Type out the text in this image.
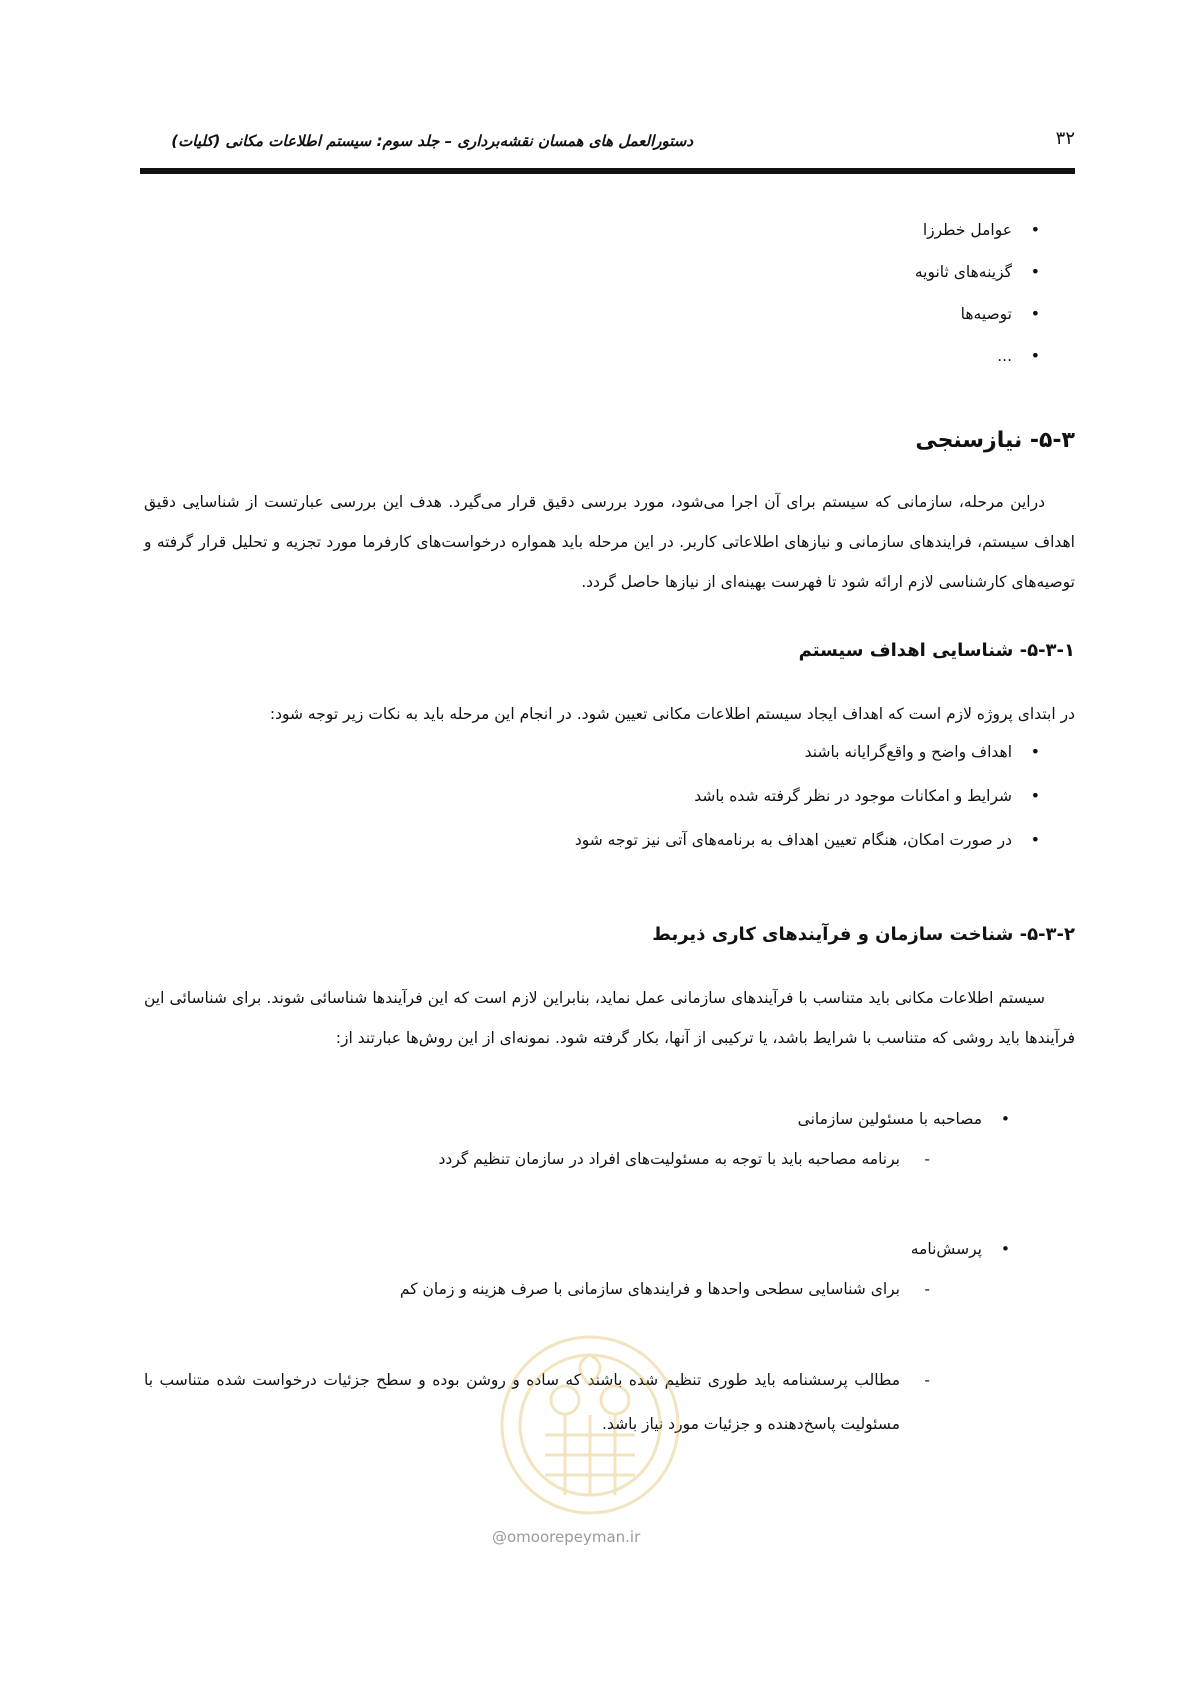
دستورالعمل های همسان نقشه‌برداری – جلد سوم: سیستم اطلاعات مکانی (کلیات)	۳۲
عوامل خطرزا •
گزینه‌های ثانویه •
توصیه‌ها •
... •
۵-۳- نیازسنجی

دراین مرحله، سازمانی که سیستم برای آن اجرا می‌شود، مورد بررسی دقیق قرار می‌گیرد. هدف این بررسی عبارتست از شناسایی دقیق اهداف سیستم، فرایندهای سازمانی و نیازهای اطلاعاتی کاربر. در این مرحله باید همواره درخواست‌های کارفرما مورد تجزیه و تحلیل قرار گرفته و توصیه‌های کارشناسی لازم ارائه شود تا فهرست بهینه‌ای از نیازها حاصل گردد.

۵-۳-۱- شناسایی اهداف سیستم

در ابتدای پروژه لازم است که اهداف ایجاد سیستم اطلاعات مکانی تعیین شود. در انجام این مرحله باید به نکات زیر توجه شود:

اهداف واضح و واقع‌گرایانه باشند •
شرایط و امکانات موجود در نظر گرفته شده باشد •
در صورت امکان، هنگام تعیین اهداف به برنامه‌های آتی نیز توجه شود •
۵-۳-۲- شناخت سازمان و فرآیندهای کاری ذیربط

سیستم اطلاعات مکانی باید متناسب با فرآیندهای سازمانی عمل نماید، بنابراین لازم است که این فرآیندها شناسائی شوند. برای شناسائی این فرآیندها باید روشی که متناسب با شرایط باشد، یا ترکیبی از آنها، بکار گرفته شود. نمونه‌ای از این روش‌ها عبارتند از:

•
مصاحبه با مسئولین سازمانی
-
برنامه مصاحبه باید با توجه به مسئولیت‌های افراد در سازمان تنظیم گردد
•
پرسش‌نامه
-
برای شناسایی سطحی واحدها و فرایندهای سازمانی با صرف هزینه و زمان کم
-
مطالب پرسشنامه باید طوری تنظیم شده باشند که ساده و روشن بوده و سطح جزئیات درخواست شده متناسب با مسئولیت پاسخ‌دهنده و جزئیات مورد نیاز باشد.
@omoorepeyman.ir
